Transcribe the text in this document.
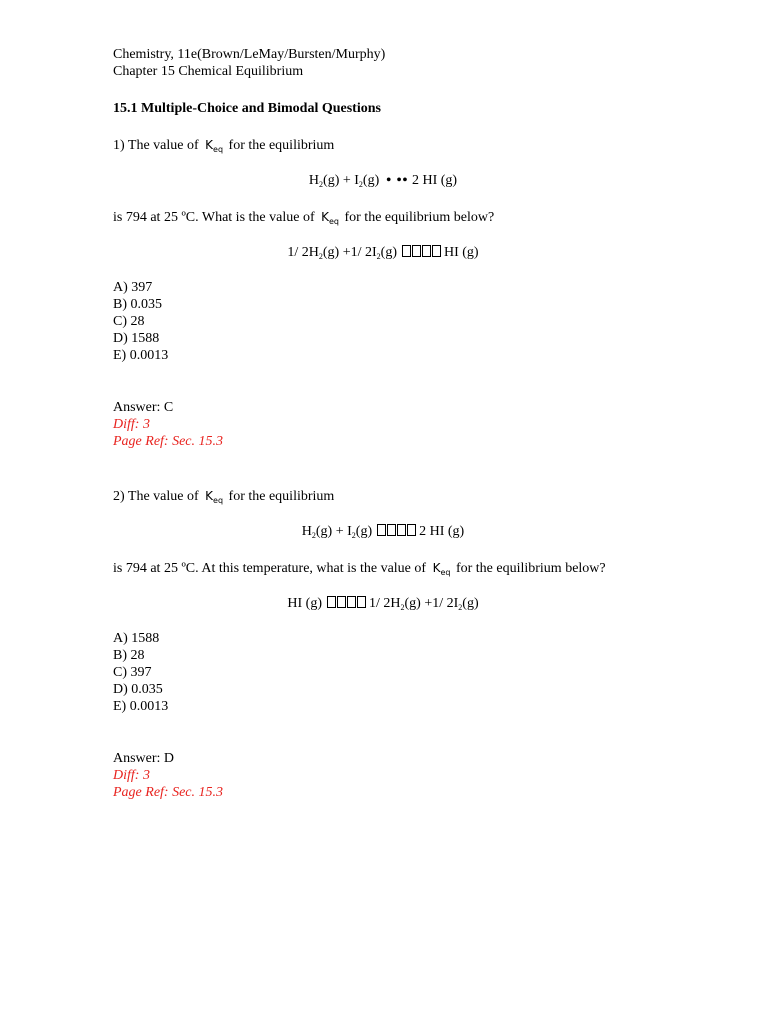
Chemistry, 11e(Brown/LeMay/Bursten/Murphy)
Chapter 15 Chemical Equilibrium
15.1 Multiple-Choice and Bimodal Questions
1) The value of $K_{eq}$ for the equilibrium
$H_2(g) + I_2(g)$  • •• 2 HI (g)
is 794 at 25 ºC. What is the value of $K_{eq}$ for the equilibrium below?
1/ $2H_2(g) +1/$ $2I_2(g)$	HI (g)
A) 397
B) 0.035
C) 28
D) 1588
E) 0.0013
Answer: C
Diff: 3
Page Ref: Sec. 15.3
2) The value of $K_{eq}$ for the equilibrium
$H_2(g) + I_2(g)$	2 HI (g)
is 794 at 25 ºC. At this temperature, what is the value of $K_{eq}$ for the equilibrium below?
HI (g)	1/ $2H_2(g) +1/$ $2I_2(g)$
A) 1588
B) 28
C) 397
D) 0.035
E) 0.0013
Answer: D
Diff: 3
Page Ref: Sec. 15.3
